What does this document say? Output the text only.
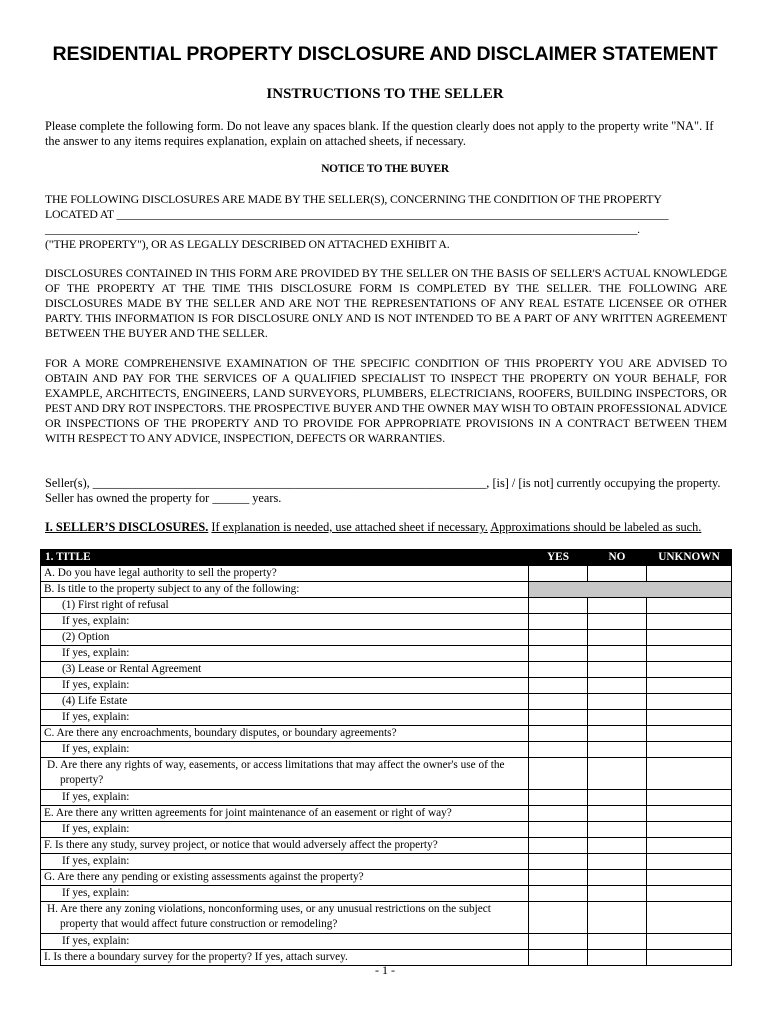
RESIDENTIAL PROPERTY DISCLOSURE AND DISCLAIMER STATEMENT
INSTRUCTIONS TO THE SELLER
Please complete the following form. Do not leave any spaces blank. If the question clearly does not apply to the property write "NA". If the answer to any items requires explanation, explain on attached sheets, if necessary.
NOTICE TO THE BUYER
THE FOLLOWING DISCLOSURES ARE MADE BY THE SELLER(S), CONCERNING THE CONDITION OF THE PROPERTY
LOCATED AT ________________________________________________________________________________________________
_______________________________________________________________________________________________________.
("THE PROPERTY"), OR AS LEGALLY DESCRIBED ON ATTACHED EXHIBIT A.
DISCLOSURES CONTAINED IN THIS FORM ARE PROVIDED BY THE SELLER ON THE BASIS OF SELLER'S ACTUAL KNOWLEDGE OF THE PROPERTY AT THE TIME THIS DISCLOSURE FORM IS COMPLETED BY THE SELLER. THE FOLLOWING ARE DISCLOSURES MADE BY THE SELLER AND ARE NOT THE REPRESENTATIONS OF ANY REAL ESTATE LICENSEE OR OTHER PARTY. THIS INFORMATION IS FOR DISCLOSURE ONLY AND IS NOT INTENDED TO BE A PART OF ANY WRITTEN AGREEMENT BETWEEN THE BUYER AND THE SELLER.
FOR A MORE COMPREHENSIVE EXAMINATION OF THE SPECIFIC CONDITION OF THIS PROPERTY YOU ARE ADVISED TO OBTAIN AND PAY FOR THE SERVICES OF A QUALIFIED SPECIALIST TO INSPECT THE PROPERTY ON YOUR BEHALF, FOR EXAMPLE, ARCHITECTS, ENGINEERS, LAND SURVEYORS, PLUMBERS, ELECTRICIANS, ROOFERS, BUILDING INSPECTORS, OR PEST AND DRY ROT INSPECTORS. THE PROSPECTIVE BUYER AND THE OWNER MAY WISH TO OBTAIN PROFESSIONAL ADVICE OR INSPECTIONS OF THE PROPERTY AND TO PROVIDE FOR APPROPRIATE PROVISIONS IN A CONTRACT BETWEEN THEM WITH RESPECT TO ANY ADVICE, INSPECTION, DEFECTS OR WARRANTIES.
Seller(s), ________________________________________________________________, [is] / [is not] currently occupying the property.
Seller has owned the property for ______ years.
I. SELLER’S DISCLOSURES. If explanation is needed, use attached sheet if necessary. Approximations should be labeled as such.
1. TITLE	YES	NO	UNKNOWN
A. Do you have legal authority to sell the property?			
B. Is title to the property subject to any of the following:			
(1) First right of refusal			
If yes, explain:			
(2) Option			
If yes, explain:			
(3) Lease or Rental Agreement			
If yes, explain:			
(4) Life Estate			
If yes, explain:			
C. Are there any encroachments, boundary disputes, or boundary agreements?			
If yes, explain:			

D. Are there any rights of way, easements, or access limitations that may affect the owner's use of the property?			

If yes, explain:			
E. Are there any written agreements for joint maintenance of an easement or right of way?			
If yes, explain:			
F. Is there any study, survey project, or notice that would adversely affect the property?			
If yes, explain:			
G. Are there any pending or existing assessments against the property?			
If yes, explain:			

H. Are there any zoning violations, nonconforming uses, or any unusual restrictions on the subject property that would affect future construction or remodeling?			

If yes, explain:			
I. Is there a boundary survey for the property? If yes, attach survey.			
- 1 -
